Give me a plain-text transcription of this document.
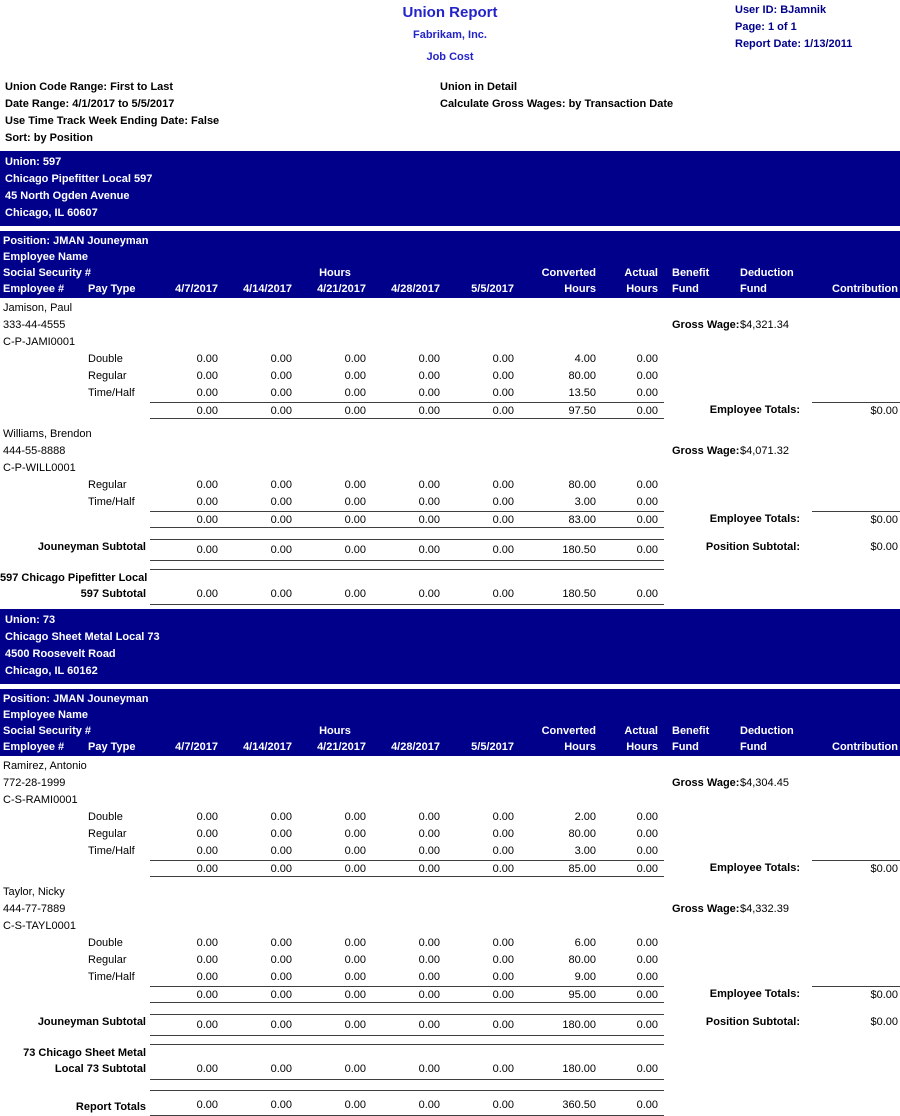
Union Report
Fabrikam, Inc.
Job Cost
User ID: BJamnik
Page: 1 of 1
Report Date: 1/13/2011
Union Code Range: First to Last
Date Range: 4/1/2017 to 5/5/2017
Use Time Track Week Ending Date: False
Sort: by Position
Union in Detail
Calculate Gross Wages: by Transaction Date
Union: 597
Chicago Pipefitter Local 597
45 North Ogden Avenue
Chicago, IL 60607
Position: JMAN Jouneyman
Employee Name
Social Security #	Hours	Converted	Actual	Benefit	Deduction
Employee #	Pay Type	4/7/2017	4/14/2017	4/21/2017	4/28/2017	5/5/2017	Hours	Hours	Fund	Fund	Contribution
Jamison, Paul
333-44-4555	Gross Wage: $4,321.34
C-P-JAMI0001
Double	0.00	0.00	0.00	0.00	0.00	4.00	0.00
Regular	0.00	0.00	0.00	0.00	0.00	80.00	0.00
Time/Half	0.00	0.00	0.00	0.00	0.00	13.50	0.00
0.00	0.00	0.00	0.00	0.00	97.50	0.00	Employee Totals:	$0.00
Williams, Brendon
444-55-8888	Gross Wage: $4,071.32
C-P-WILL0001
Regular	0.00	0.00	0.00	0.00	0.00	80.00	0.00
Time/Half	0.00	0.00	0.00	0.00	0.00	3.00	0.00
0.00	0.00	0.00	0.00	0.00	83.00	0.00	Employee Totals:	$0.00
Jouneyman Subtotal	0.00	0.00	0.00	0.00	0.00	180.50	0.00	Position Subtotal:	$0.00
597 Chicago Pipefitter Local
597 Subtotal	0.00	0.00	0.00	0.00	0.00	180.50	0.00
Union: 73
Chicago Sheet Metal Local 73
4500 Roosevelt Road
Chicago, IL 60162
Position: JMAN Jouneyman
Employee Name
Social Security #	Hours	Converted	Actual	Benefit	Deduction
Employee #	Pay Type	4/7/2017	4/14/2017	4/21/2017	4/28/2017	5/5/2017	Hours	Hours	Fund	Fund	Contribution
Ramirez, Antonio
772-28-1999	Gross Wage: $4,304.45
C-S-RAMI0001
Double	0.00	0.00	0.00	0.00	0.00	2.00	0.00
Regular	0.00	0.00	0.00	0.00	0.00	80.00	0.00
Time/Half	0.00	0.00	0.00	0.00	0.00	3.00	0.00
0.00	0.00	0.00	0.00	0.00	85.00	0.00	Employee Totals:	$0.00
Taylor, Nicky
444-77-7889	Gross Wage: $4,332.39
C-S-TAYL0001
Double	0.00	0.00	0.00	0.00	0.00	6.00	0.00
Regular	0.00	0.00	0.00	0.00	0.00	80.00	0.00
Time/Half	0.00	0.00	0.00	0.00	0.00	9.00	0.00
0.00	0.00	0.00	0.00	0.00	95.00	0.00	Employee Totals:	$0.00
Jouneyman Subtotal	0.00	0.00	0.00	0.00	0.00	180.00	0.00	Position Subtotal:	$0.00
73 Chicago Sheet Metal
Local 73 Subtotal	0.00	0.00	0.00	0.00	0.00	180.00	0.00
Report Totals	0.00	0.00	0.00	0.00	0.00	360.50	0.00
